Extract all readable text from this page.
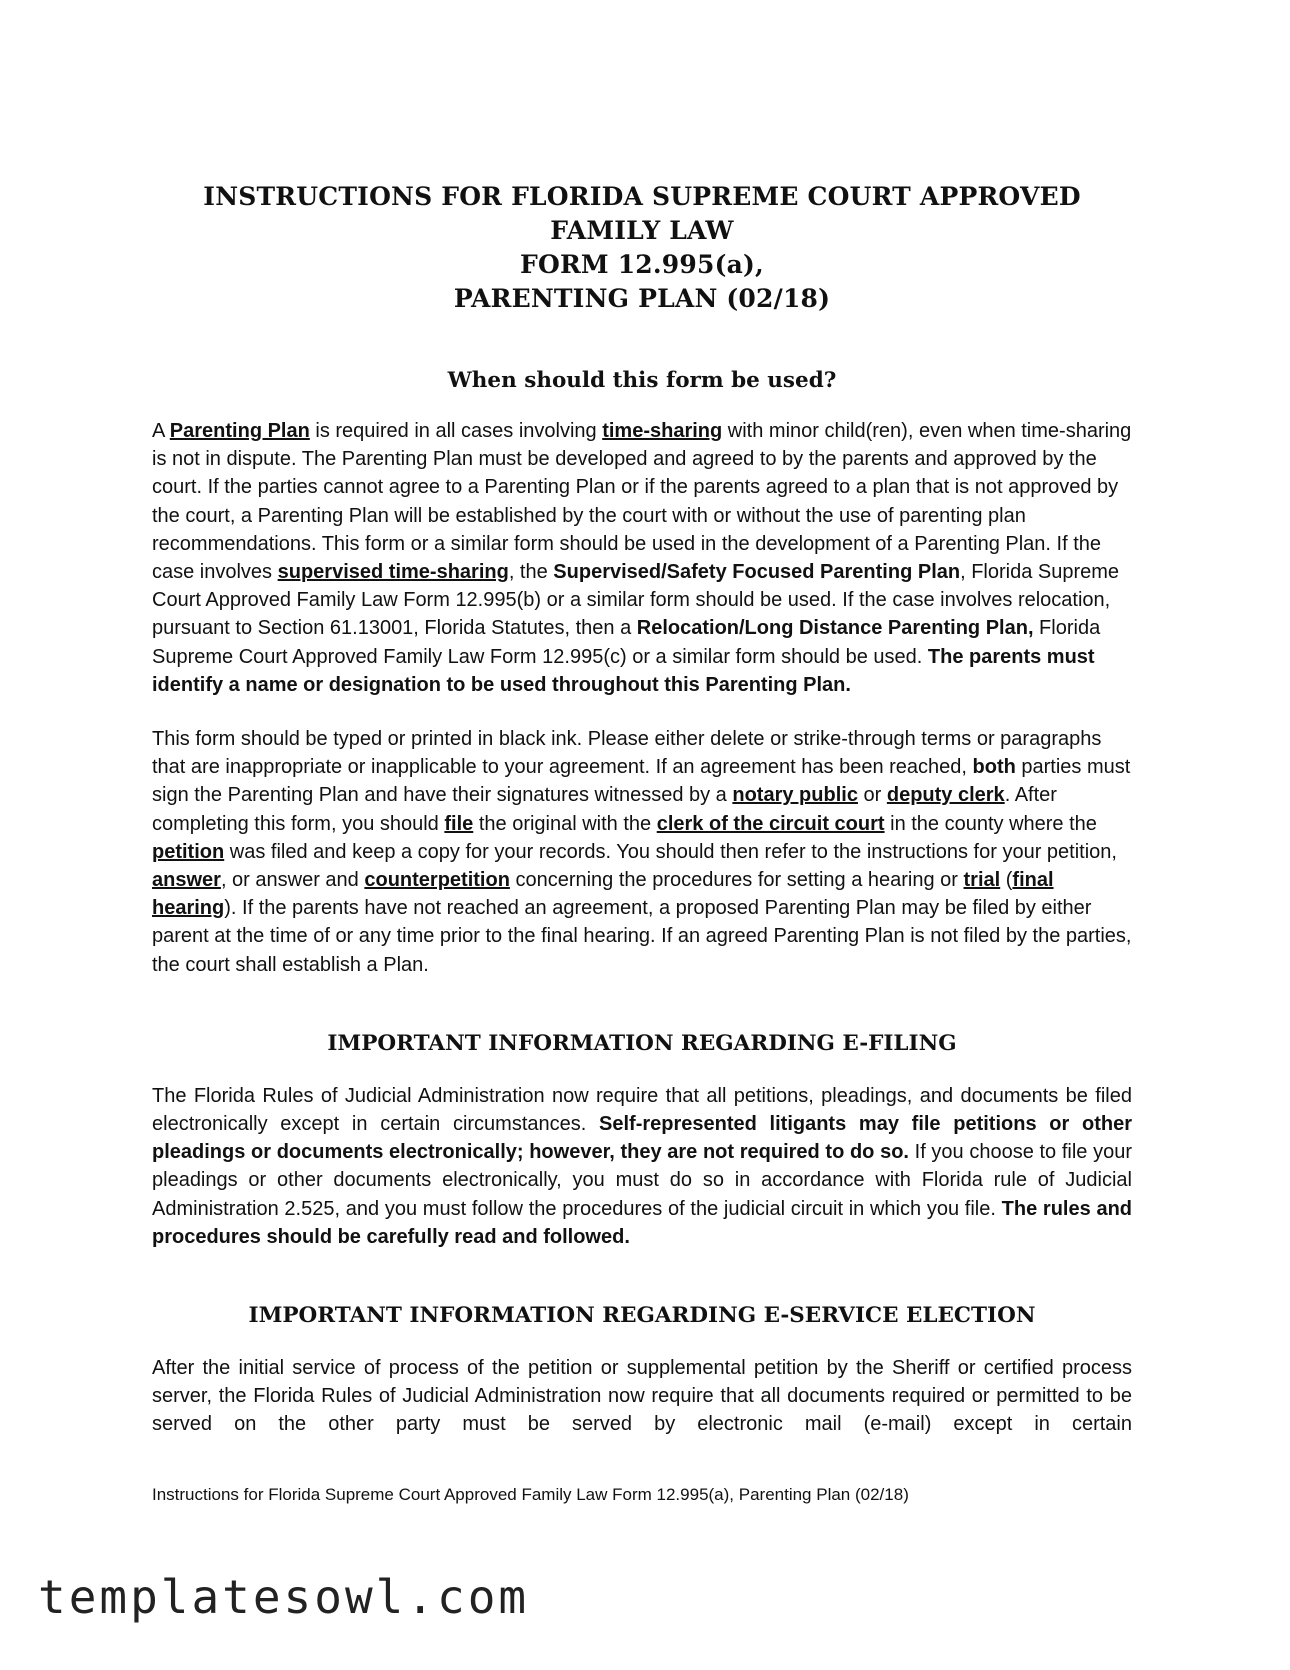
INSTRUCTIONS FOR FLORIDA SUPREME COURT APPROVED FAMILY LAW
FORM 12.995(a),
PARENTING PLAN (02/18)
When should this form be used?

A Parenting Plan is required in all cases involving time-sharing with minor child(ren), even when time-sharing is not in dispute. The Parenting Plan must be developed and agreed to by the parents and approved by the court. If the parties cannot agree to a Parenting Plan or if the parents agreed to a plan that is not approved by the court, a Parenting Plan will be established by the court with or without the use of parenting plan recommendations. This form or a similar form should be used in the development of a Parenting Plan. If the case involves supervised time-sharing, the Supervised/Safety Focused Parenting Plan, Florida Supreme Court Approved Family Law Form 12.995(b) or a similar form should be used. If the case involves relocation, pursuant to Section 61.13001, Florida Statutes, then a Relocation/Long Distance Parenting Plan, Florida Supreme Court Approved Family Law Form 12.995(c) or a similar form should be used. The parents must identify a name or designation to be used throughout this Parenting Plan.

This form should be typed or printed in black ink. Please either delete or strike-through terms or paragraphs that are inappropriate or inapplicable to your agreement. If an agreement has been reached, both parties must sign the Parenting Plan and have their signatures witnessed by a notary public or deputy clerk. After completing this form, you should file the original with the clerk of the circuit court in the county where the petition was filed and keep a copy for your records. You should then refer to the instructions for your petition, answer, or answer and counterpetition concerning the procedures for setting a hearing or trial (final hearing). If the parents have not reached an agreement, a proposed Parenting Plan may be filed by either parent at the time of or any time prior to the final hearing. If an agreed Parenting Plan is not filed by the parties, the court shall establish a Plan.

IMPORTANT INFORMATION REGARDING E-FILING

The Florida Rules of Judicial Administration now require that all petitions, pleadings, and documents be filed electronically except in certain circumstances. Self-represented litigants may file petitions or other pleadings or documents electronically; however, they are not required to do so. If you choose to file your pleadings or other documents electronically, you must do so in accordance with Florida rule of Judicial Administration 2.525, and you must follow the procedures of the judicial circuit in which you file. The rules and procedures should be carefully read and followed.

IMPORTANT INFORMATION REGARDING E-SERVICE ELECTION

After the initial service of process of the petition or supplemental petition by the Sheriff or certified process server, the Florida Rules of Judicial Administration now require that all documents required or permitted to be served on the other party must be served by electronic mail (e-mail) except in certain

Instructions for Florida Supreme Court Approved Family Law Form 12.995(a), Parenting Plan (02/18)
templatesowl.com
